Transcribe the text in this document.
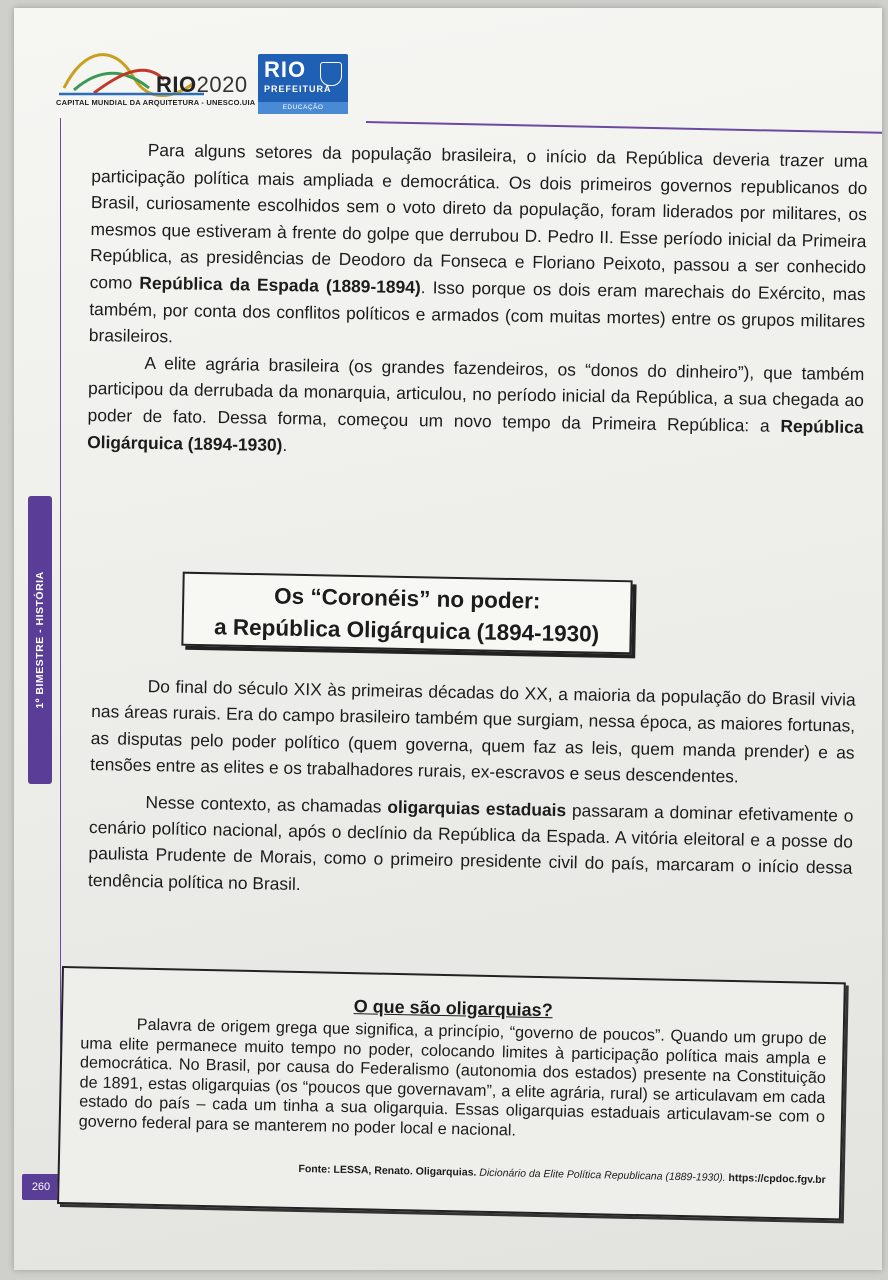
RIO2020
CAPITAL MUNDIAL DA ARQUITETURA - UNESCO.UIA
RIO
PREFEITURA
EDUCAÇÃO
1º BIMESTRE - HISTÓRIA
260

Para alguns setores da população brasileira, o início da República deveria trazer uma participação política mais ampliada e democrática. Os dois primeiros governos republicanos do Brasil, curiosamente escolhidos sem o voto direto da população, foram liderados por militares, os mesmos que estiveram à frente do golpe que derrubou D. Pedro II. Esse período inicial da Primeira República, as presidências de Deodoro da Fonseca e Floriano Peixoto, passou a ser conhecido como República da Espada (1889-1894). Isso porque os dois eram marechais do Exército, mas também, por conta dos conflitos políticos e armados (com muitas mortes) entre os grupos militares brasileiros.

A elite agrária brasileira (os grandes fazendeiros, os “donos do dinheiro”), que também participou da derrubada da monarquia, articulou, no período inicial da República, a sua chegada ao poder de fato. Dessa forma, começou um novo tempo da Primeira República: a República Oligárquica (1894-1930).

Os “Coronéis” no poder:
a República Oligárquica (1894-1930)

Do final do século XIX às primeiras décadas do XX, a maioria da população do Brasil vivia nas áreas rurais. Era do campo brasileiro também que surgiam, nessa época, as maiores fortunas, as disputas pelo poder político (quem governa, quem faz as leis, quem manda prender) e as tensões entre as elites e os trabalhadores rurais, ex-escravos e seus descendentes.

Nesse contexto, as chamadas oligarquias estaduais passaram a dominar efetivamente o cenário político nacional, após o declínio da República da Espada. A vitória eleitoral e a posse do paulista Prudente de Morais, como o primeiro presidente civil do país, marcaram o início dessa tendência política no Brasil.

O que são oligarquias?

Palavra de origem grega que significa, a princípio, “governo de poucos”. Quando um grupo de uma elite permanece muito tempo no poder, colocando limites à participação política mais ampla e democrática. No Brasil, por causa do Federalismo (autonomia dos estados) presente na Constituição de 1891, estas oligarquias (os “poucos que governavam”, a elite agrária, rural) se articulavam em cada estado do país – cada um tinha a sua oligarquia. Essas oligarquias estaduais articulavam-se com o governo federal para se manterem no poder local e nacional.

Fonte: LESSA, Renato. Oligarquias. Dicionário da Elite Política Republicana (1889-1930). https://cpdoc.fgv.br
